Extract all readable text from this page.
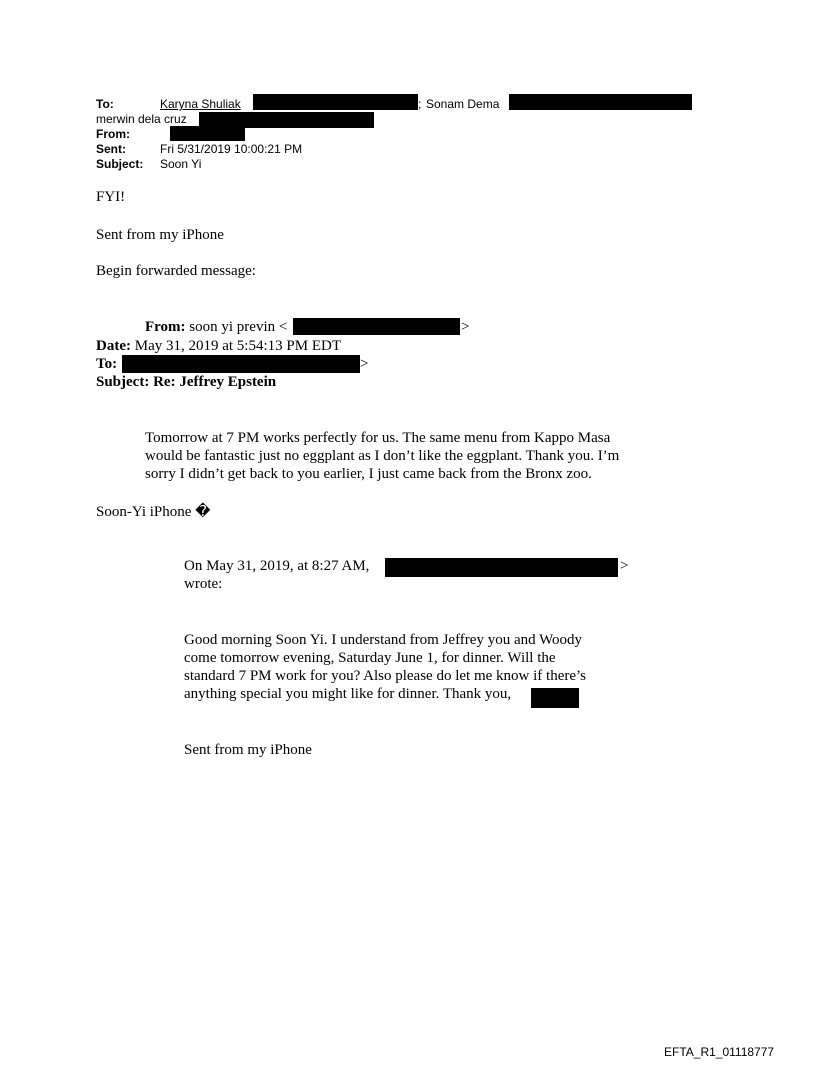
To:	Karyna Shuliak	; Sonam Dema
merwin dela cruz
From:
Sent:	Fri 5/31/2019 10:00:21 PM
Subject: Soon Yi
FYI!
Sent from my iPhone
Begin forwarded message:
From: soon yi previn <	>
Date: May 31, 2019 at 5:54:13 PM EDT
To:	>
Subject: Re: Jeffrey Epstein
Tomorrow at 7 PM works perfectly for us. The same menu from Kappo Masa
would be fantastic just no eggplant as I don’t like the eggplant. Thank you. I’m
sorry I didn’t get back to you earlier, I just came back from the Bronx zoo.
Soon-Yi iPhone �
On May 31, 2019, at 8:27 AM,	>
wrote:
Good morning Soon Yi. I understand from Jeffrey you and Woody
come tomorrow evening, Saturday June 1, for dinner. Will the
standard 7 PM work for you? Also please do let me know if there’s
anything special you might like for dinner. Thank you,
Sent from my iPhone
EFTA_R1_01118777
